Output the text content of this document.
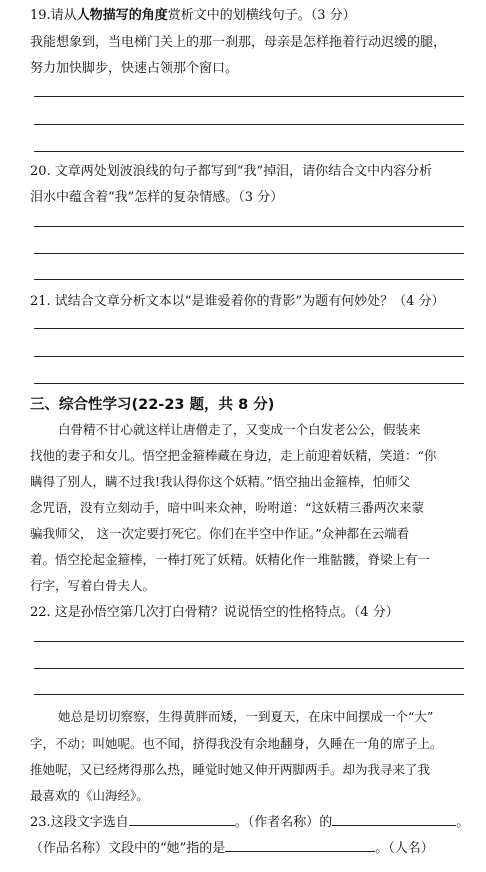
19.请从人物描写的角度赏析文中的划横线句子。（3 分）
我能想象到，当电梯门关上的那一刹那，母亲是怎样拖着行动迟缓的腿，
努力加快脚步，快速占领那个窗口。
20. 文章两处划波浪线的句子都写到“我”掉泪，请你结合文中内容分析
泪水中蕴含着“我”怎样的复杂情感。（3 分）
21. 试结合文章分析文本以“是谁爱着你的背影”为题有何妙处？（4 分）
三、综合性学习(22-23 题，共 8 分)
白骨精不甘心就这样让唐僧走了，又变成一个白发老公公，假装来
找他的妻子和女儿。悟空把金箍棒藏在身边，走上前迎着妖精，笑道：“你
瞒得了别人，瞒不过我!我认得你这个妖精。”悟空抽出金箍棒，怕师父
念咒语，没有立刻动手，暗中叫来众神，吩咐道：“这妖精三番两次来蒙
骗我师父， 这一次定要打死它。你们在半空中作证。”众神都在云端看
着。悟空抡起金箍棒，一棒打死了妖精。妖精化作一堆骷髅，脊梁上有一
行字，写着白骨夫人。
22. 这是孙悟空第几次打白骨精？说说悟空的性格特点。（4 分）
她总是切切察察，生得黄胖而矮，一到夏天，在床中间摆成一个“大”
字，不动；叫她呢。也不闻，挤得我没有余地翻身，久睡在一角的席子上。
推她呢，又已经烤得那么热，睡觉时她又伸开两脚两手。却为我寻来了我
最喜欢的《山海经》。
23.这段文字选自	。（作者名称）的	。
（作品名称）文段中的“她”指的是	。（人名）
